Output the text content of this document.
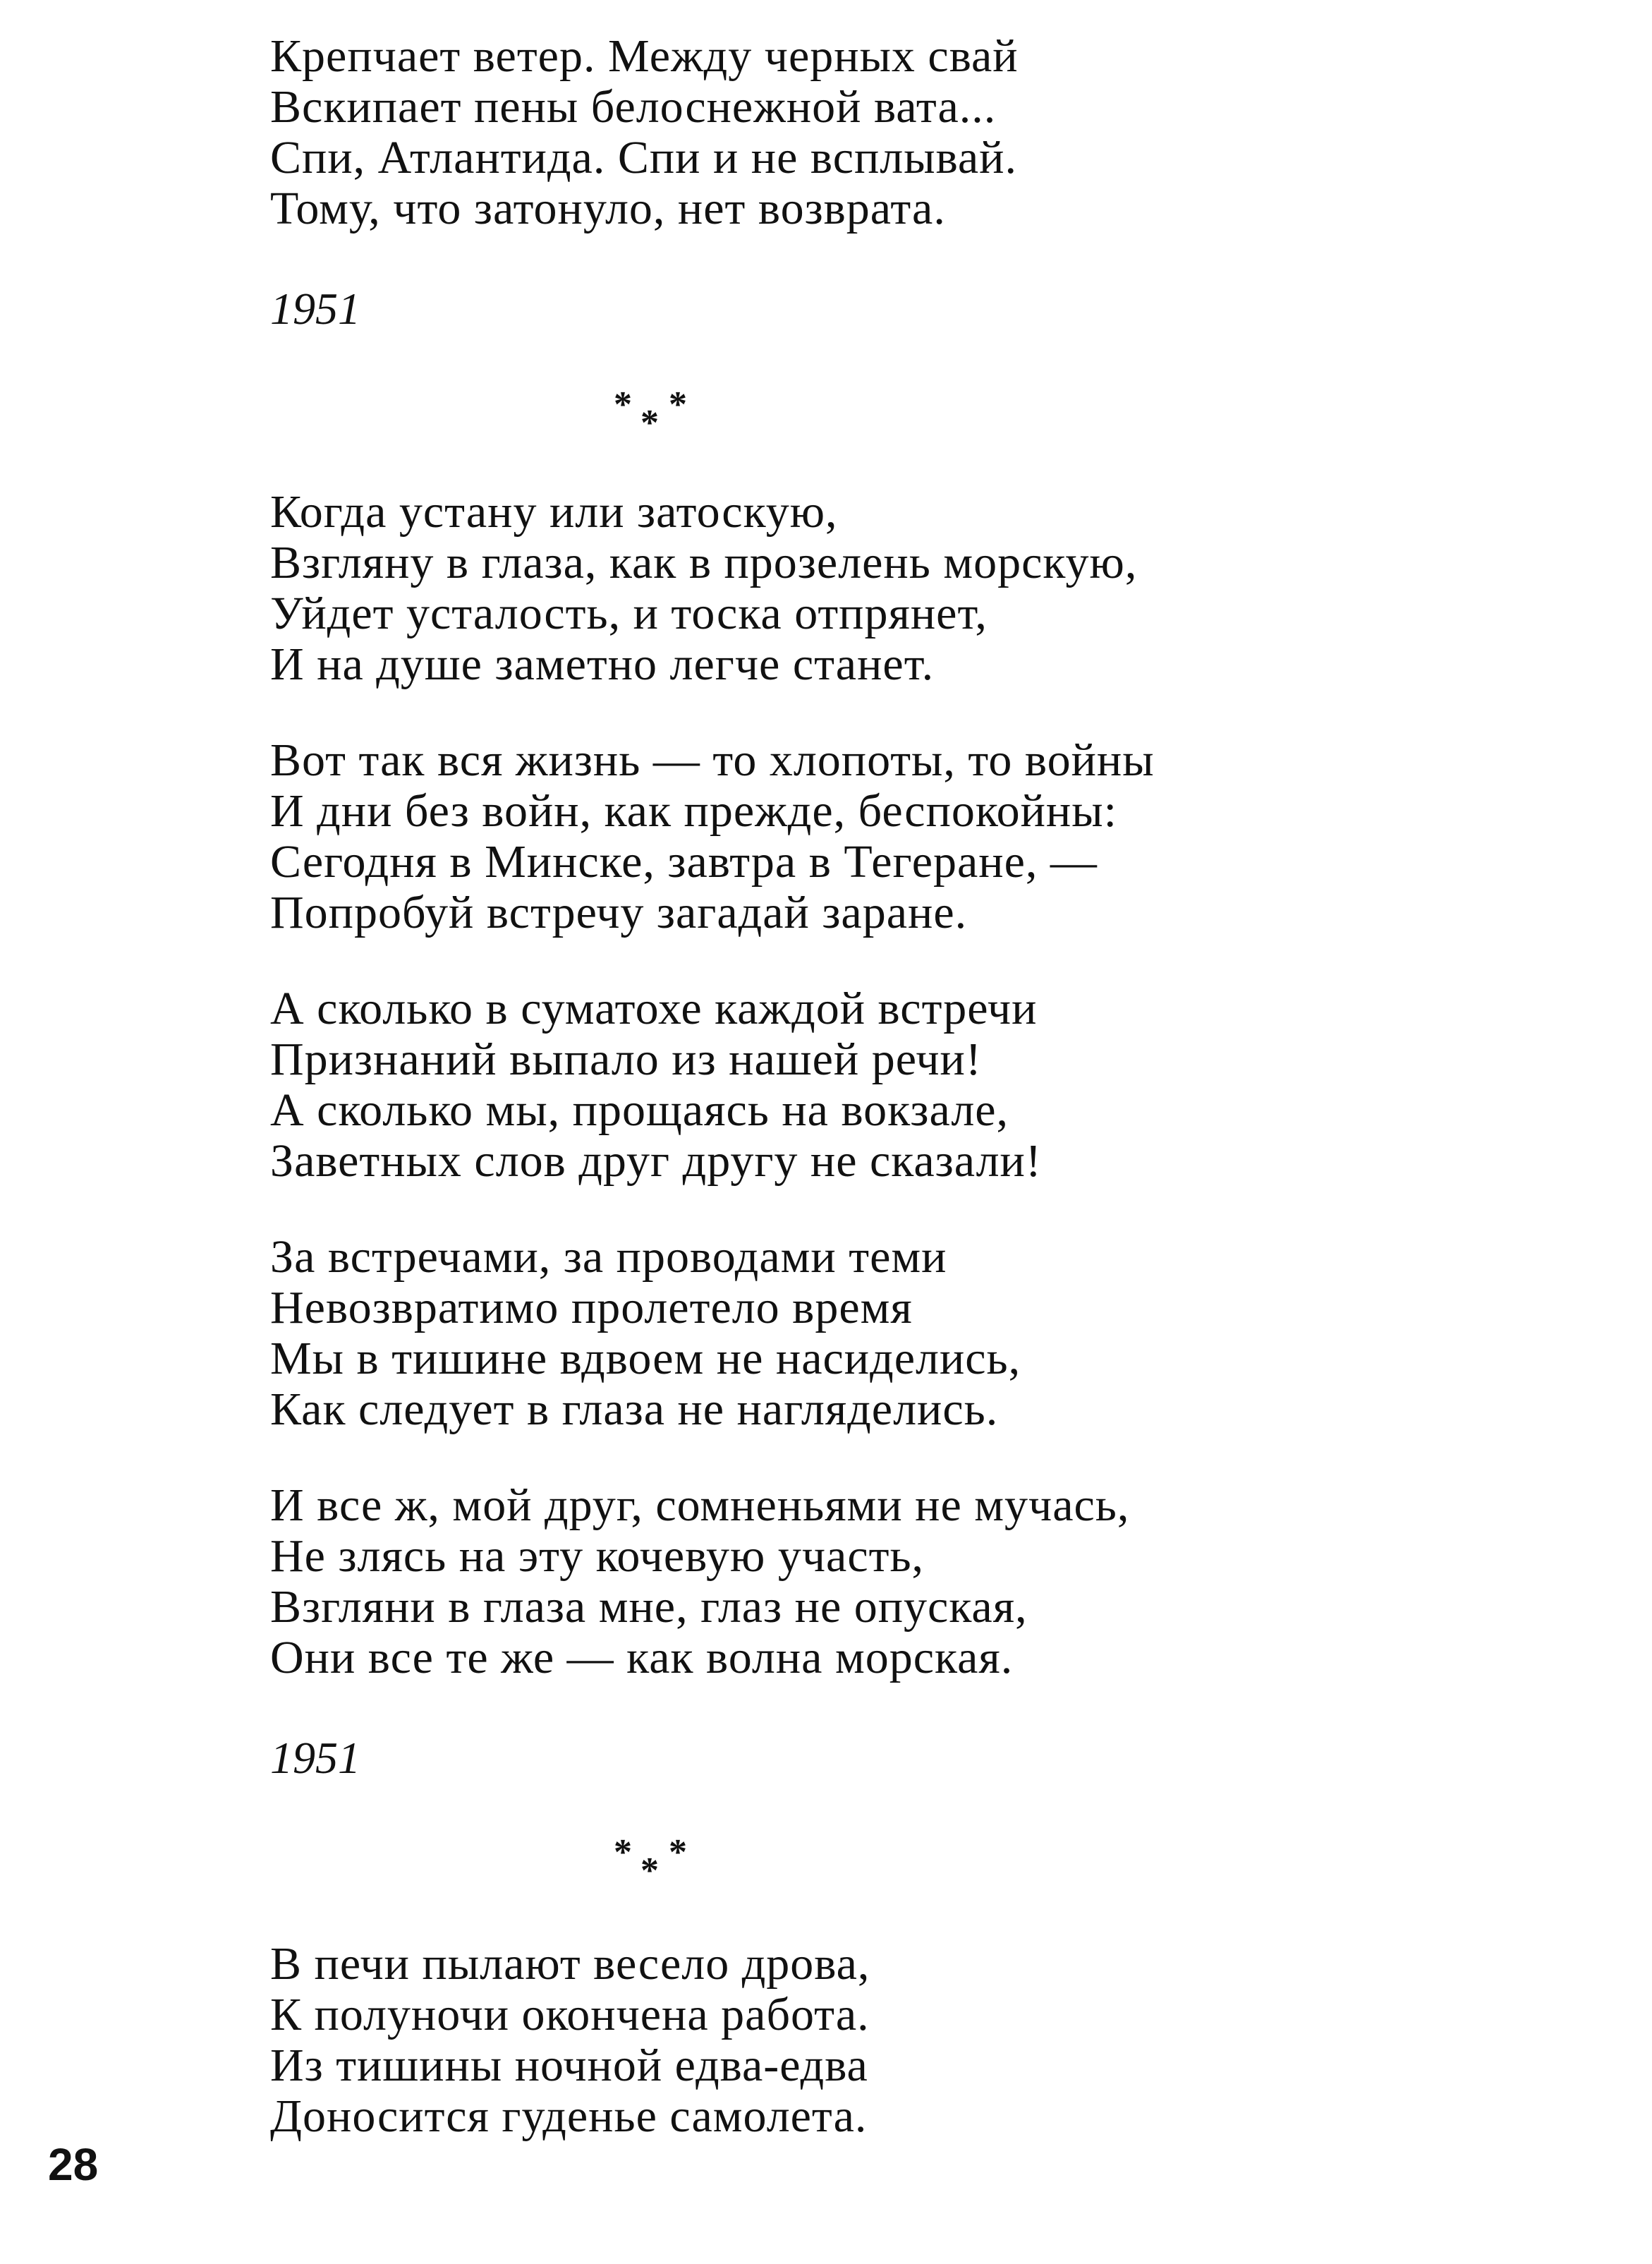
Крепчает ветер. Между черных свай
Вскипает пены белоснежной вата...
Спи, Атлантида. Спи и не всплывай.
Тому, что затонуло, нет возврата.
1951
* * *
Когда устану или затоскую,
Взгляну в глаза, как в прозелень морскую,
Уйдет усталость, и тоска отпрянет,
И на душе заметно легче станет.
Вот так вся жизнь — то хлопоты, то войны
И дни без войн, как прежде, беспокойны:
Сегодня в Минске, завтра в Тегеране, —
Попробуй встречу загадай заране.
А сколько в суматохе каждой встречи
Признаний выпало из нашей речи!
А сколько мы, прощаясь на вокзале,
Заветных слов друг другу не сказали!
За встречами, за проводами теми
Невозвратимо пролетело время
Мы в тишине вдвоем не насиделись,
Как следует в глаза не нагляделись.
И все ж, мой друг, сомненьями не мучась,
Не злясь на эту кочевую участь,
Взгляни в глаза мне, глаз не опуская,
Они все те же — как волна морская.
1951
* * *
В печи пылают весело дрова,
К полуночи окончена работа.
Из тишины ночной едва-едва
Доносится гуденье самолета.
28
